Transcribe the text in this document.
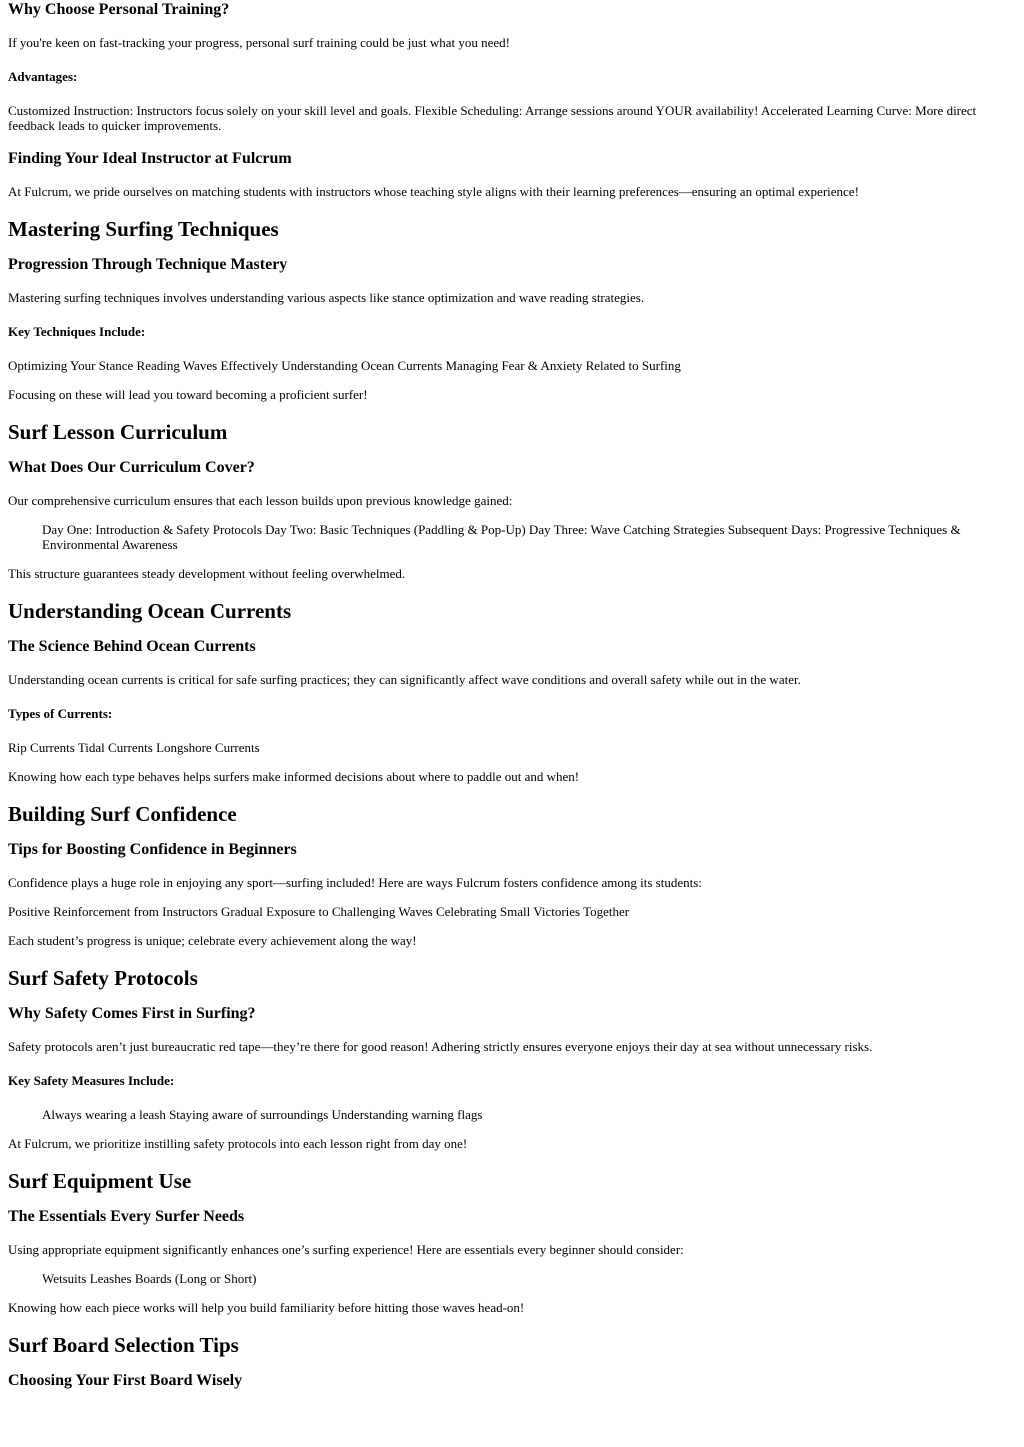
Why Choose Personal Training?

If you're keen on fast-tracking your progress, personal surf training could be just what you need!

Advantages:

Customized Instruction: Instructors focus solely on your skill level and goals. Flexible Scheduling: Arrange sessions around YOUR availability! Accelerated Learning Curve: More direct feedback leads to quicker improvements.

Finding Your Ideal Instructor at Fulcrum

At Fulcrum, we pride ourselves on matching students with instructors whose teaching style aligns with their learning preferences—ensuring an optimal experience!

Mastering Surfing Techniques
Progression Through Technique Mastery

Mastering surfing techniques involves understanding various aspects like stance optimization and wave reading strategies.

Key Techniques Include:

Optimizing Your Stance Reading Waves Effectively Understanding Ocean Currents Managing Fear & Anxiety Related to Surfing

Focusing on these will lead you toward becoming a proficient surfer!

Surf Lesson Curriculum
What Does Our Curriculum Cover?

Our comprehensive curriculum ensures that each lesson builds upon previous knowledge gained:

Day One: Introduction & Safety Protocols Day Two: Basic Techniques (Paddling & Pop-Up) Day Three: Wave Catching Strategies Subsequent Days: Progressive Techniques & Environmental Awareness

This structure guarantees steady development without feeling overwhelmed.

Understanding Ocean Currents
The Science Behind Ocean Currents

Understanding ocean currents is critical for safe surfing practices; they can significantly affect wave conditions and overall safety while out in the water.

Types of Currents:

Rip Currents Tidal Currents Longshore Currents

Knowing how each type behaves helps surfers make informed decisions about where to paddle out and when!

Building Surf Confidence
Tips for Boosting Confidence in Beginners

Confidence plays a huge role in enjoying any sport—surfing included! Here are ways Fulcrum fosters confidence among its students:

Positive Reinforcement from Instructors Gradual Exposure to Challenging Waves Celebrating Small Victories Together

Each student’s progress is unique; celebrate every achievement along the way!

Surf Safety Protocols
Why Safety Comes First in Surfing?

Safety protocols aren’t just bureaucratic red tape—they’re there for good reason! Adhering strictly ensures everyone enjoys their day at sea without unnecessary risks.

Key Safety Measures Include:

Always wearing a leash Staying aware of surroundings Understanding warning flags

At Fulcrum, we prioritize instilling safety protocols into each lesson right from day one!

Surf Equipment Use
The Essentials Every Surfer Needs

Using appropriate equipment significantly enhances one’s surfing experience! Here are essentials every beginner should consider:

Wetsuits Leashes Boards (Long or Short)

Knowing how each piece works will help you build familiarity before hitting those waves head-on!

Surf Board Selection Tips
Choosing Your First Board Wisely
